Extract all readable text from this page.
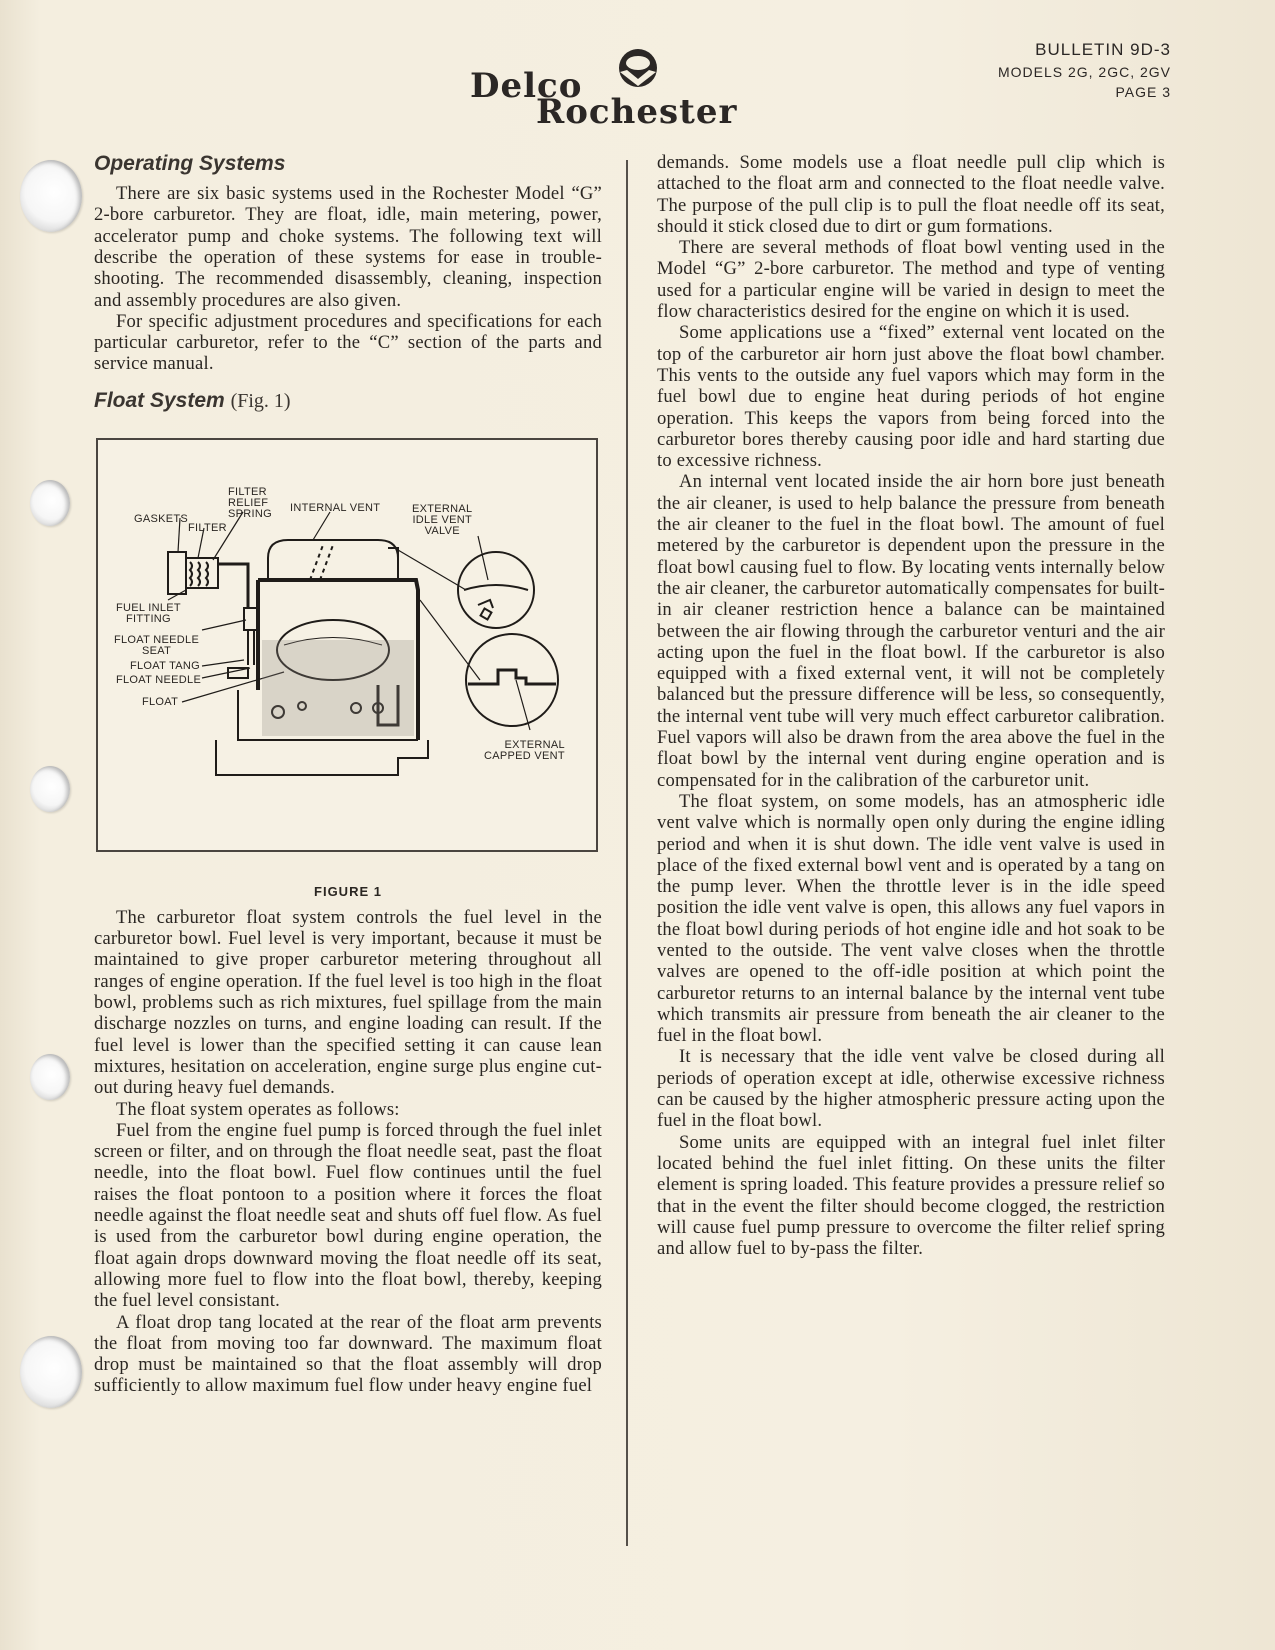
Delco
Rochester
BULLETIN 9D-3
MODELS 2G, 2GC, 2GV
PAGE 3
Operating Systems

There are six basic systems used in the Rochester Model “G” 2-bore carburetor. They are float, idle, main metering, power, accelerator pump and choke systems. The following text will describe the operation of these systems for ease in trouble-shooting. The recommended disassembly, cleaning, inspection and assembly procedures are also given.

For specific adjustment procedures and specifications for each particular carburetor, refer to the “C” section of the parts and service manual.

Float System (Fig. 1)
FILTER
RELIEF
SPRING
GASKETS
FILTER
INTERNAL VENT	EXTERNAL
IDLE VENT
VALVE
FUEL INLET
FITTING
FLOAT NEEDLE
SEAT
FLOAT TANG
FLOAT NEEDLE
FLOAT
EXTERNAL
CAPPED VENT
FIGURE 1

The carburetor float system controls the fuel level in the carburetor bowl. Fuel level is very important, because it must be maintained to give proper carburetor metering throughout all ranges of engine operation. If the fuel level is too high in the float bowl, problems such as rich mixtures, fuel spillage from the main discharge nozzles on turns, and engine loading can result. If the fuel level is lower than the specified setting it can cause lean mixtures, hesitation on acceleration, engine surge plus engine cut-out during heavy fuel demands.

The float system operates as follows:

Fuel from the engine fuel pump is forced through the fuel inlet screen or filter, and on through the float needle seat, past the float needle, into the float bowl. Fuel flow continues until the fuel raises the float pontoon to a position where it forces the float needle against the float needle seat and shuts off fuel flow. As fuel is used from the carburetor bowl during engine operation, the float again drops downward moving the float needle off its seat, allowing more fuel to flow into the float bowl, thereby, keeping the fuel level consistant.

A float drop tang located at the rear of the float arm prevents the float from moving too far downward. The maximum float drop must be maintained so that the float assembly will drop sufficiently to allow maximum fuel flow under heavy engine fuel

demands. Some models use a float needle pull clip which is attached to the float arm and connected to the float needle valve. The purpose of the pull clip is to pull the float needle off its seat, should it stick closed due to dirt or gum formations.

There are several methods of float bowl venting used in the Model “G” 2-bore carburetor. The method and type of venting used for a particular engine will be varied in design to meet the flow characteristics desired for the engine on which it is used.

Some applications use a “fixed” external vent located on the top of the carburetor air horn just above the float bowl chamber. This vents to the outside any fuel vapors which may form in the fuel bowl due to engine heat during periods of hot engine operation. This keeps the vapors from being forced into the carburetor bores thereby causing poor idle and hard starting due to excessive richness.

An internal vent located inside the air horn bore just beneath the air cleaner, is used to help balance the pressure from beneath the air cleaner to the fuel in the float bowl. The amount of fuel metered by the carburetor is dependent upon the pressure in the float bowl causing fuel to flow. By locating vents internally below the air cleaner, the carburetor automatically compensates for built-in air cleaner restriction hence a balance can be maintained between the air flowing through the carburetor venturi and the air acting upon the fuel in the float bowl. If the carburetor is also equipped with a fixed external vent, it will not be completely balanced but the pressure difference will be less, so consequently, the internal vent tube will very much effect carburetor calibration. Fuel vapors will also be drawn from the area above the fuel in the float bowl by the internal vent during engine operation and is compensated for in the calibration of the carburetor unit.

The float system, on some models, has an atmospheric idle vent valve which is normally open only during the engine idling period and when it is shut down. The idle vent valve is used in place of the fixed external bowl vent and is operated by a tang on the pump lever. When the throttle lever is in the idle speed position the idle vent valve is open, this allows any fuel vapors in the float bowl during periods of hot engine idle and hot soak to be vented to the outside. The vent valve closes when the throttle valves are opened to the off-idle position at which point the carburetor returns to an internal balance by the internal vent tube which transmits air pressure from beneath the air cleaner to the fuel in the float bowl.

It is necessary that the idle vent valve be closed during all periods of operation except at idle, otherwise excessive richness can be caused by the higher atmospheric pressure acting upon the fuel in the float bowl.

Some units are equipped with an integral fuel inlet filter located behind the fuel inlet fitting. On these units the filter element is spring loaded. This feature provides a pressure relief so that in the event the filter should become clogged, the restriction will cause fuel pump pressure to overcome the filter relief spring and allow fuel to by-pass the filter.
